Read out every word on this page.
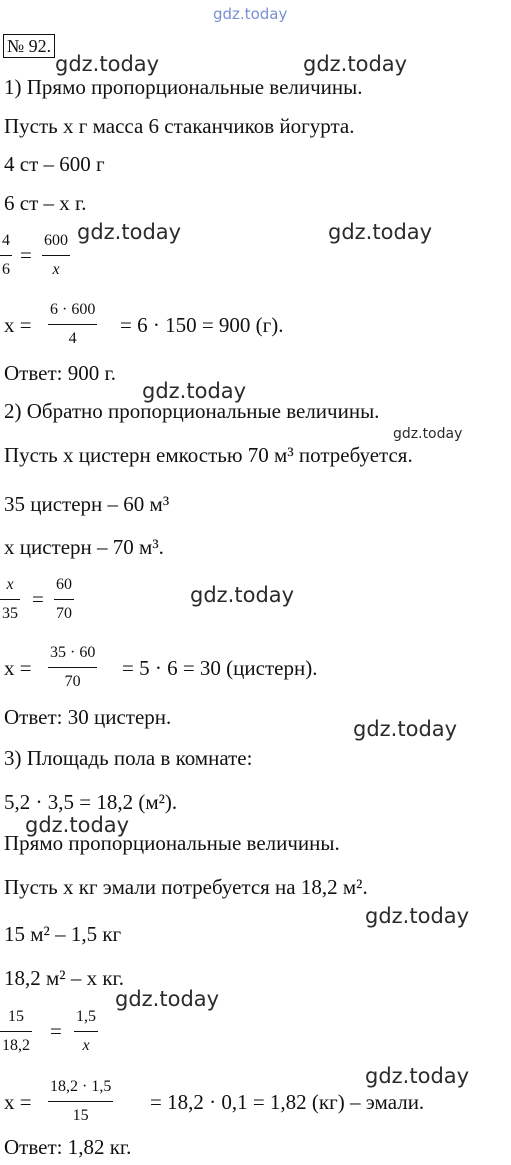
gdz.today
gdz.today	gdz.today
gdz.today	gdz.today
gdz.today
gdz.today
gdz.today
gdz.today
gdz.today
gdz.today
gdz.today
gdz.today
№ 92.
1) Прямо пропорциональные величины.
Пусть x г масса 6 стаканчиков йогурта.
4 ст – 600 г
6 ст – x г.
4
6
=
600
x
x =
6 · 600
4
= 6 · 150 = 900 (г).
Ответ: 900 г.
2) Обратно пропорциональные величины.
Пусть x цистерн емкостью 70 м³ потребуется.
35 цистерн – 60 м³
x цистерн – 70 м³.
x
35
=
60
70
x =
35 · 60
70
= 5 · 6 = 30 (цистерн).
Ответ: 30 цистерн.
3) Площадь пола в комнате:
5,2 · 3,5 = 18,2 (м²).
Прямо пропорциональные величины.
Пусть x кг эмали потребуется на 18,2 м².
15 м² – 1,5 кг
18,2 м² – x кг.
15
18,2
=
1,5
x
x =
18,2 · 1,5
15
= 18,2 · 0,1 = 1,82 (кг) – эмали.
Ответ: 1,82 кг.
